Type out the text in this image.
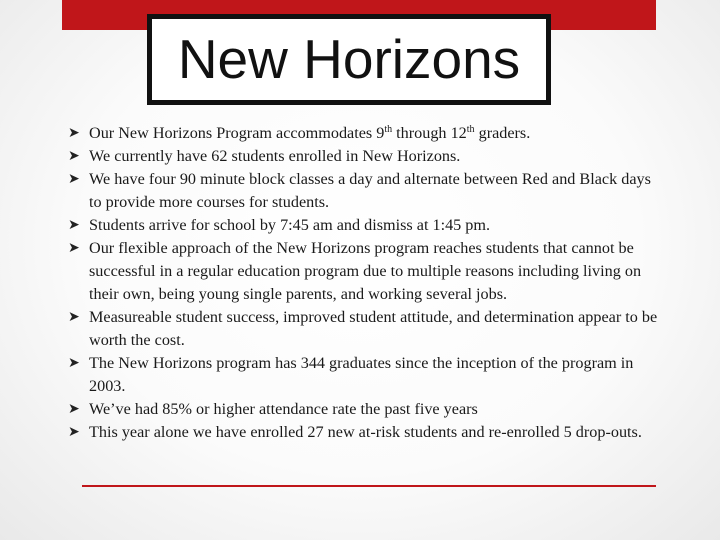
New Horizons
➤ Our New Horizons Program accommodates 9th through 12th graders.
➤ We currently have 62 students enrolled in New Horizons.
➤ We have four 90 minute block classes a day and alternate between Red and Black days to provide more courses for students.
➤ Students arrive for school by 7:45 am and dismiss at 1:45 pm.
➤ Our flexible approach of the New Horizons program reaches students that cannot be successful in a regular education program due to multiple reasons including living on their own, being young single parents, and working several jobs.
➤ Measureable student success, improved student attitude, and determination appear to be worth the cost.
➤ The New Horizons program has 344 graduates since the inception of the program in 2003.
➤ We’ve had 85% or higher attendance rate the past five years
➤ This year alone we have enrolled 27 new at-risk students and re-enrolled 5 drop-outs.
